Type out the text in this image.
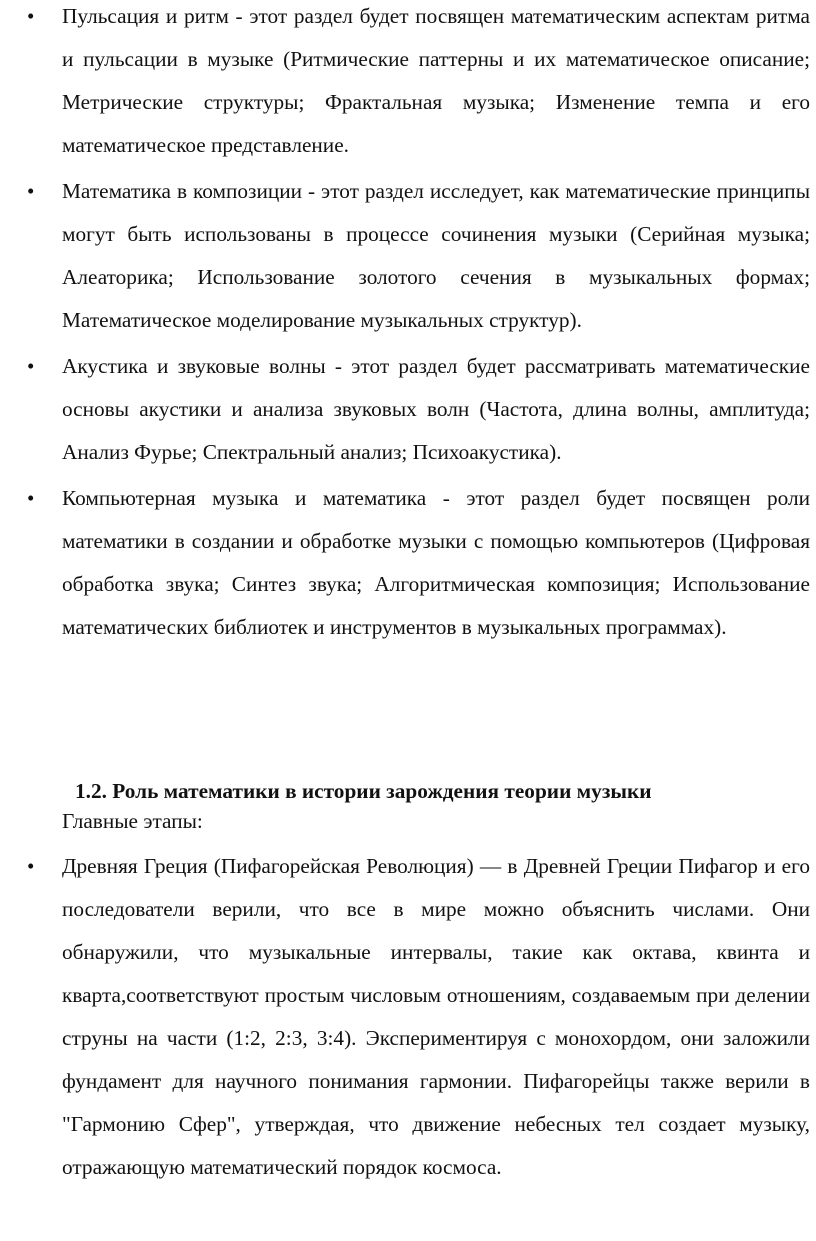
• Пульсация и ритм - этот раздел будет посвящен математическим аспектам ритма и пульсации в музыке (Ритмические паттерны и их математическое описание; Метрические структуры; Фрактальная музыка; Изменение темпа и его математическое представление.
• Математика в композиции - этот раздел исследует, как математические принципы могут быть использованы в процессе сочинения музыки (Серийная музыка; Алеаторика; Использование золотого сечения в музыкальных формах; Математическое моделирование музыкальных структур).
• Акустика и звуковые волны - этот раздел будет рассматривать математические основы акустики и анализа звуковых волн (Частота, длина волны, амплитуда; Анализ Фурье; Спектральный анализ; Психоакустика).
• Компьютерная музыка и математика - этот раздел будет посвящен роли математики в создании и обработке музыки с помощью компьютеров (Цифровая обработка звука; Синтез звука; Алгоритмическая композиция; Использование математических библиотек и инструментов в музыкальных программах).
1.2. Роль математики в истории зарождения теории музыки

Главные этапы:

• Древняя Греция (Пифагорейская Революция) — в Древней Греции Пифагор и его последователи верили, что все в мире можно объяснить числами. Они обнаружили, что музыкальные интервалы, такие как октава, квинта и кварта,соответствуют простым числовым отношениям, создаваемым при делении струны на части (1:2, 2:3, 3:4). Экспериментируя с монохордом, они заложили фундамент для научного понимания гармонии. Пифагорейцы также верили в "Гармонию Сфер", утверждая, что движение небесных тел создает музыку, отражающую математический порядок космоса.
